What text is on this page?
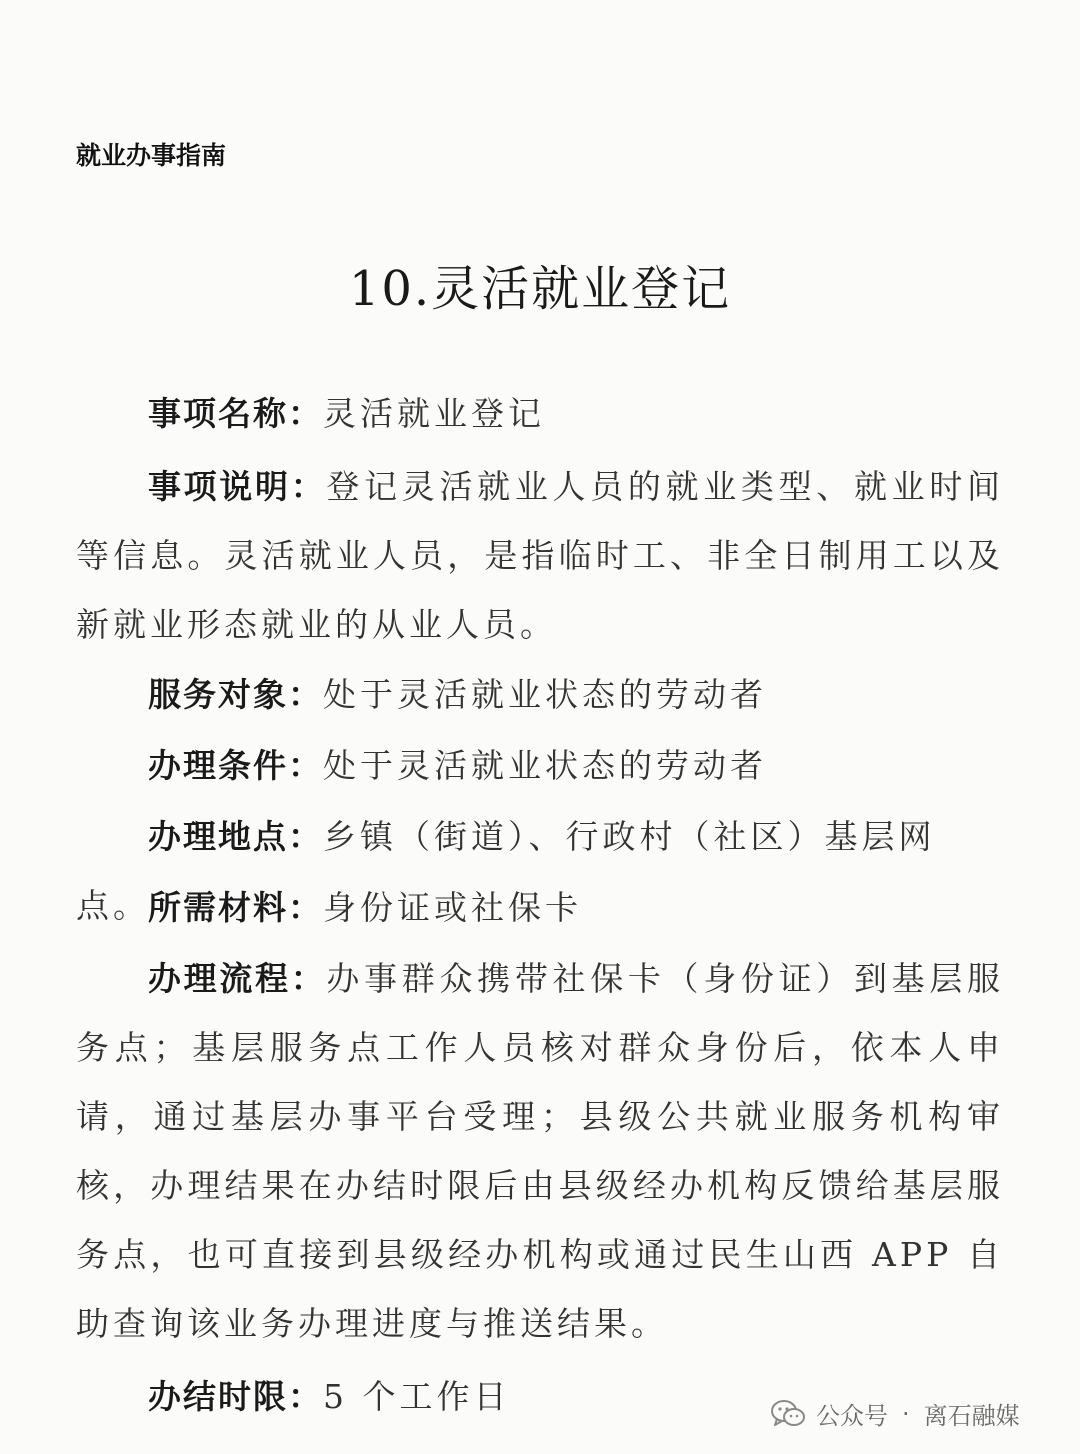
就业办事指南
10.灵活就业登记
事项名称：灵活就业登记
事项说明：登记灵活就业人员的就业类型、就业时间等信息。灵活就业人员，是指临时工、非全日制用工以及新就业形态就业的从业人员。
服务对象：处于灵活就业状态的劳动者
办理条件：处于灵活就业状态的劳动者
办理地点：乡镇（街道）、行政村（社区）基层网点。
所需材料：身份证或社保卡
办理流程：办事群众携带社保卡（身份证）到基层服务点；基层服务点工作人员核对群众身份后，依本人申请，通过基层办事平台受理；县级公共就业服务机构审核，办理结果在办结时限后由县级经办机构反馈给基层服务点，也可直接到县级经办机构或通过民生山西 APP 自助查询该业务办理进度与推送结果。
办结时限：5 个工作日	公众号 · 离石融媒
